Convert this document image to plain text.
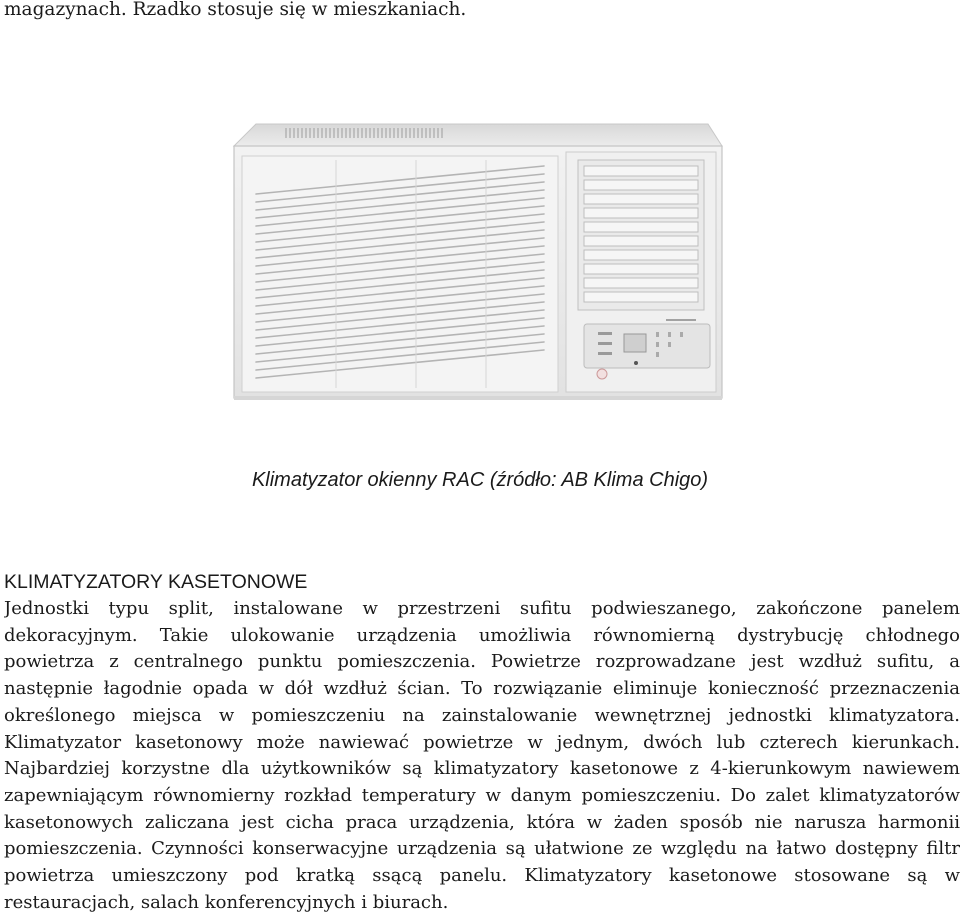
magazynach. Rzadko stosuje się w mieszkaniach.
Klimatyzator okienny RAC (źródło: AB Klima Chigo)
KLIMATYZATORY KASETONOWE
Jednostki typu split, instalowane w przestrzeni sufitu podwieszanego, zakończone panelem
dekoracyjnym. Takie ulokowanie urządzenia umożliwia równomierną dystrybucję chłodnego
powietrza z centralnego punktu pomieszczenia. Powietrze rozprowadzane jest wzdłuż sufitu, a
następnie łagodnie opada w dół wzdłuż ścian. To rozwiązanie eliminuje konieczność przeznaczenia
określonego miejsca w pomieszczeniu na zainstalowanie wewnętrznej jednostki klimatyzatora.
Klimatyzator kasetonowy może nawiewać powietrze w jednym, dwóch lub czterech kierunkach.
Najbardziej korzystne dla użytkowników są klimatyzatory kasetonowe z 4-kierunkowym nawiewem
zapewniającym równomierny rozkład temperatury w danym pomieszczeniu. Do zalet klimatyzatorów
kasetonowych zaliczana jest cicha praca urządzenia, która w żaden sposób nie narusza harmonii
pomieszczenia. Czynności konserwacyjne urządzenia są ułatwione ze względu na łatwo dostępny filtr
powietrza umieszczony pod kratką ssącą panelu. Klimatyzatory kasetonowe stosowane są w
restauracjach, salach konferencyjnych i biurach.
